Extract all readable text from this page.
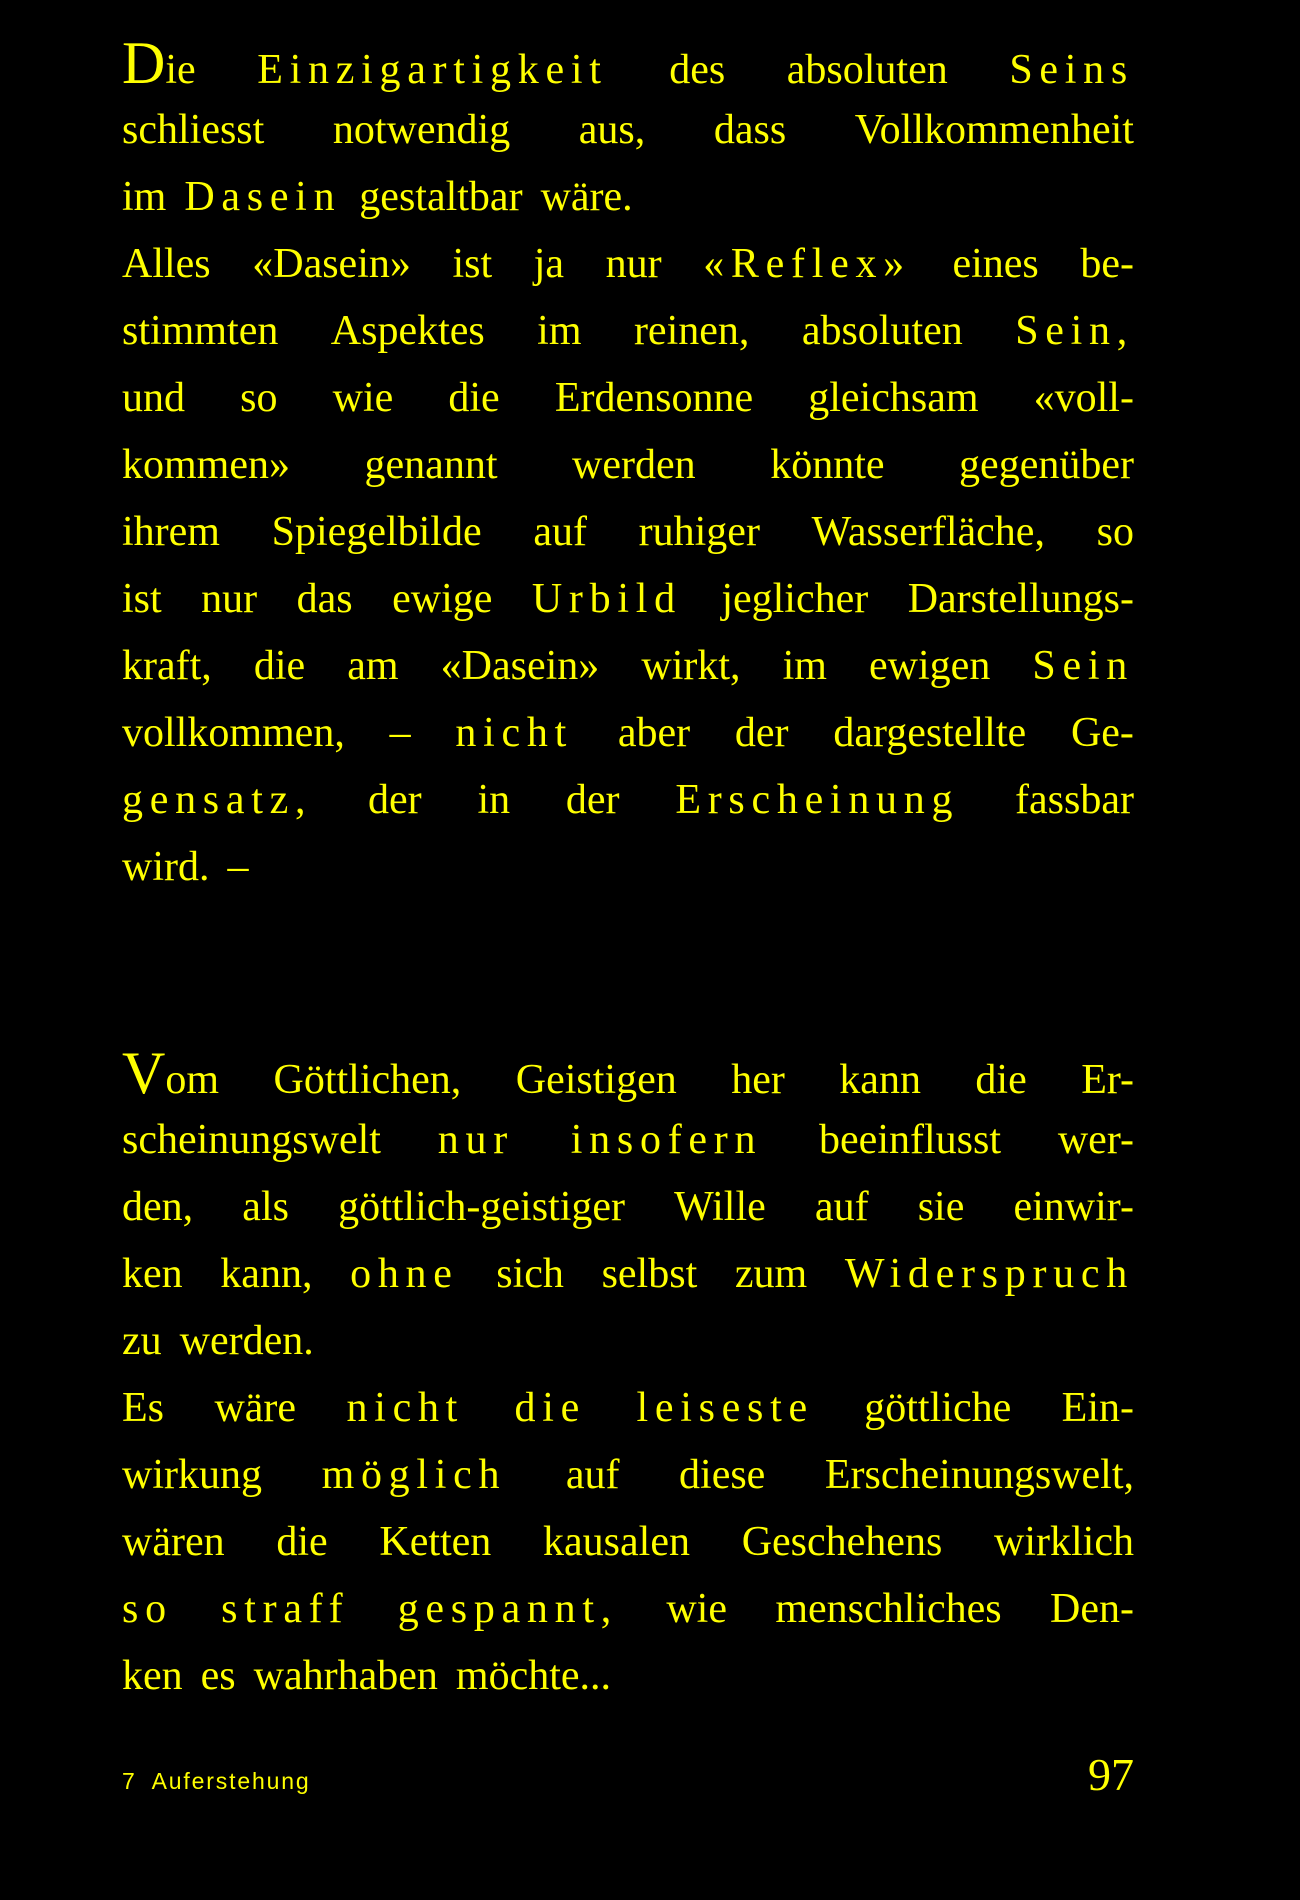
Die Einzigartigkeit des absoluten Seins
schliesst notwendig aus, dass Vollkommenheit
im Dasein gestaltbar wäre.
Alles «Dasein» ist ja nur «Reflex» eines be-
stimmten Aspektes im reinen, absoluten Sein,
und so wie die Erdensonne gleichsam «voll-
kommen» genannt werden könnte gegenüber
ihrem Spiegelbilde auf ruhiger Wasserfläche, so
ist nur das ewige Urbild jeglicher Darstellungs-
kraft, die am «Dasein» wirkt, im ewigen Sein
vollkommen, – nicht aber der dargestellte Ge-
gensatz, der in der Erscheinung fassbar
wird. –
Vom Göttlichen, Geistigen her kann die Er-
scheinungswelt nur insofern beeinflusst wer-
den, als göttlich-geistiger Wille auf sie einwir-
ken kann, ohne sich selbst zum Widerspruch
zu werden.
Es wäre nicht die leiseste göttliche Ein-
wirkung möglich auf diese Erscheinungswelt,
wären die Ketten kausalen Geschehens wirklich
so straff gespannt, wie menschliches Den-
ken es wahrhaben möchte...
7 Auferstehung	97
